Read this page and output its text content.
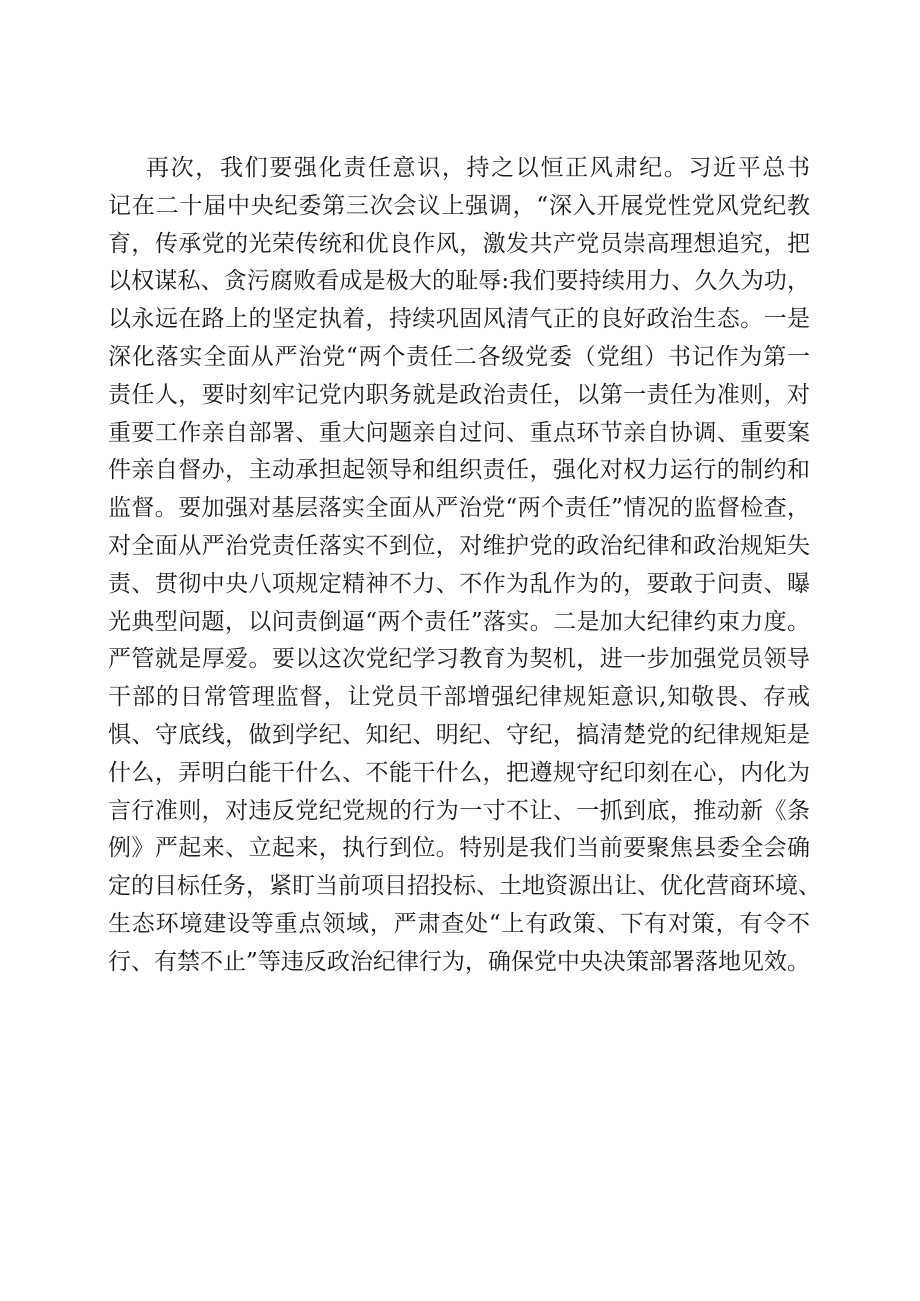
再次，我们要强化责任意识，持之以恒正风肃纪。习近平总书
记在二十届中央纪委第三次会议上强调，“深入开展党性党风党纪教
育，传承党的光荣传统和优良作风，激发共产党员崇高理想追究，把
以权谋私、贪污腐败看成是极大的耻辱:我们要持续用力、久久为功，
以永远在路上的坚定执着，持续巩固风清气正的良好政治生态。一是
深化落实全面从严治党“两个责任二各级党委（党组）书记作为第一
责任人，要时刻牢记党内职务就是政治责任，以第一责任为准则，对
重要工作亲自部署、重大问题亲自过问、重点环节亲自协调、重要案
件亲自督办，主动承担起领导和组织责任，强化对权力运行的制约和
监督。要加强对基层落实全面从严治党“两个责任”情况的监督检查，
对全面从严治党责任落实不到位，对维护党的政治纪律和政治规矩失
责、贯彻中央八项规定精神不力、不作为乱作为的，要敢于问责、曝
光典型问题，以问责倒逼“两个责任”落实。二是加大纪律约束力度。
严管就是厚爱。要以这次党纪学习教育为契机，进一步加强党员领导
干部的日常管理监督，让党员干部增强纪律规矩意识,知敬畏、存戒
惧、守底线，做到学纪、知纪、明纪、守纪，搞清楚党的纪律规矩是
什么，弄明白能干什么、不能干什么，把遵规守纪印刻在心，内化为
言行准则，对违反党纪党规的行为一寸不让、一抓到底，推动新《条
例》严起来、立起来，执行到位。特别是我们当前要聚焦县委全会确
定的目标任务，紧盯当前项目招投标、土地资源出让、优化营商环境、
生态环境建设等重点领域，严肃查处“上有政策、下有对策，有令不
行、有禁不止”等违反政治纪律行为，确保党中央决策部署落地见效。
